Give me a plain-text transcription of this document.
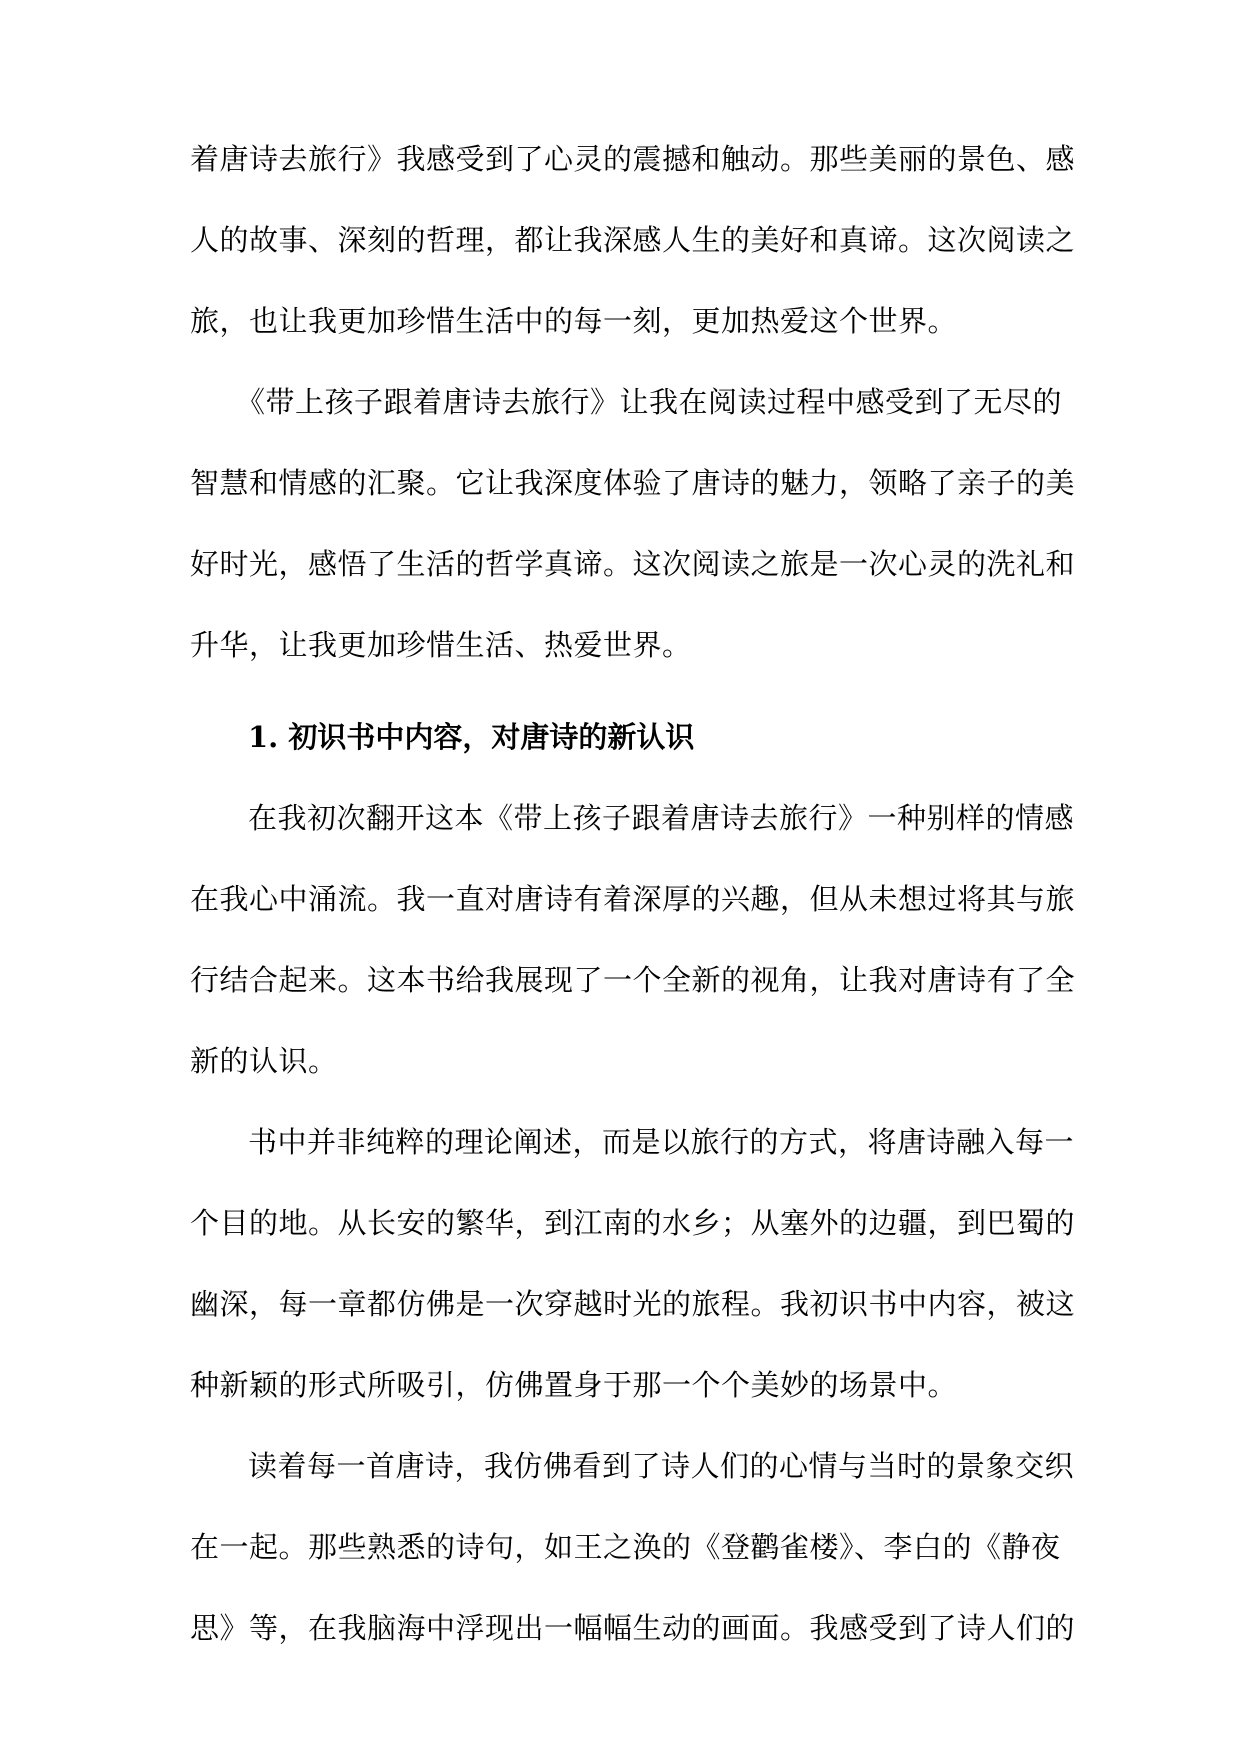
着唐诗去旅行》我感受到了心灵的震撼和触动。那些美丽的景色、感
人的故事、深刻的哲理，都让我深感人生的美好和真谛。这次阅读之
旅，也让我更加珍惜生活中的每一刻，更加热爱这个世界。
《带上孩子跟着唐诗去旅行》让我在阅读过程中感受到了无尽的
智慧和情感的汇聚。它让我深度体验了唐诗的魅力，领略了亲子的美
好时光，感悟了生活的哲学真谛。这次阅读之旅是一次心灵的洗礼和
升华，让我更加珍惜生活、热爱世界。
1. 初识书中内容，对唐诗的新认识
在我初次翻开这本《带上孩子跟着唐诗去旅行》一种别样的情感
在我心中涌流。我一直对唐诗有着深厚的兴趣，但从未想过将其与旅
行结合起来。这本书给我展现了一个全新的视角，让我对唐诗有了全
新的认识。
书中并非纯粹的理论阐述，而是以旅行的方式，将唐诗融入每一
个目的地。从长安的繁华，到江南的水乡；从塞外的边疆，到巴蜀的
幽深，每一章都仿佛是一次穿越时光的旅程。我初识书中内容，被这
种新颖的形式所吸引，仿佛置身于那一个个美妙的场景中。
读着每一首唐诗，我仿佛看到了诗人们的心情与当时的景象交织
在一起。那些熟悉的诗句，如王之涣的《登鹳雀楼》、李白的《静夜
思》等，在我脑海中浮现出一幅幅生动的画面。我感受到了诗人们的
